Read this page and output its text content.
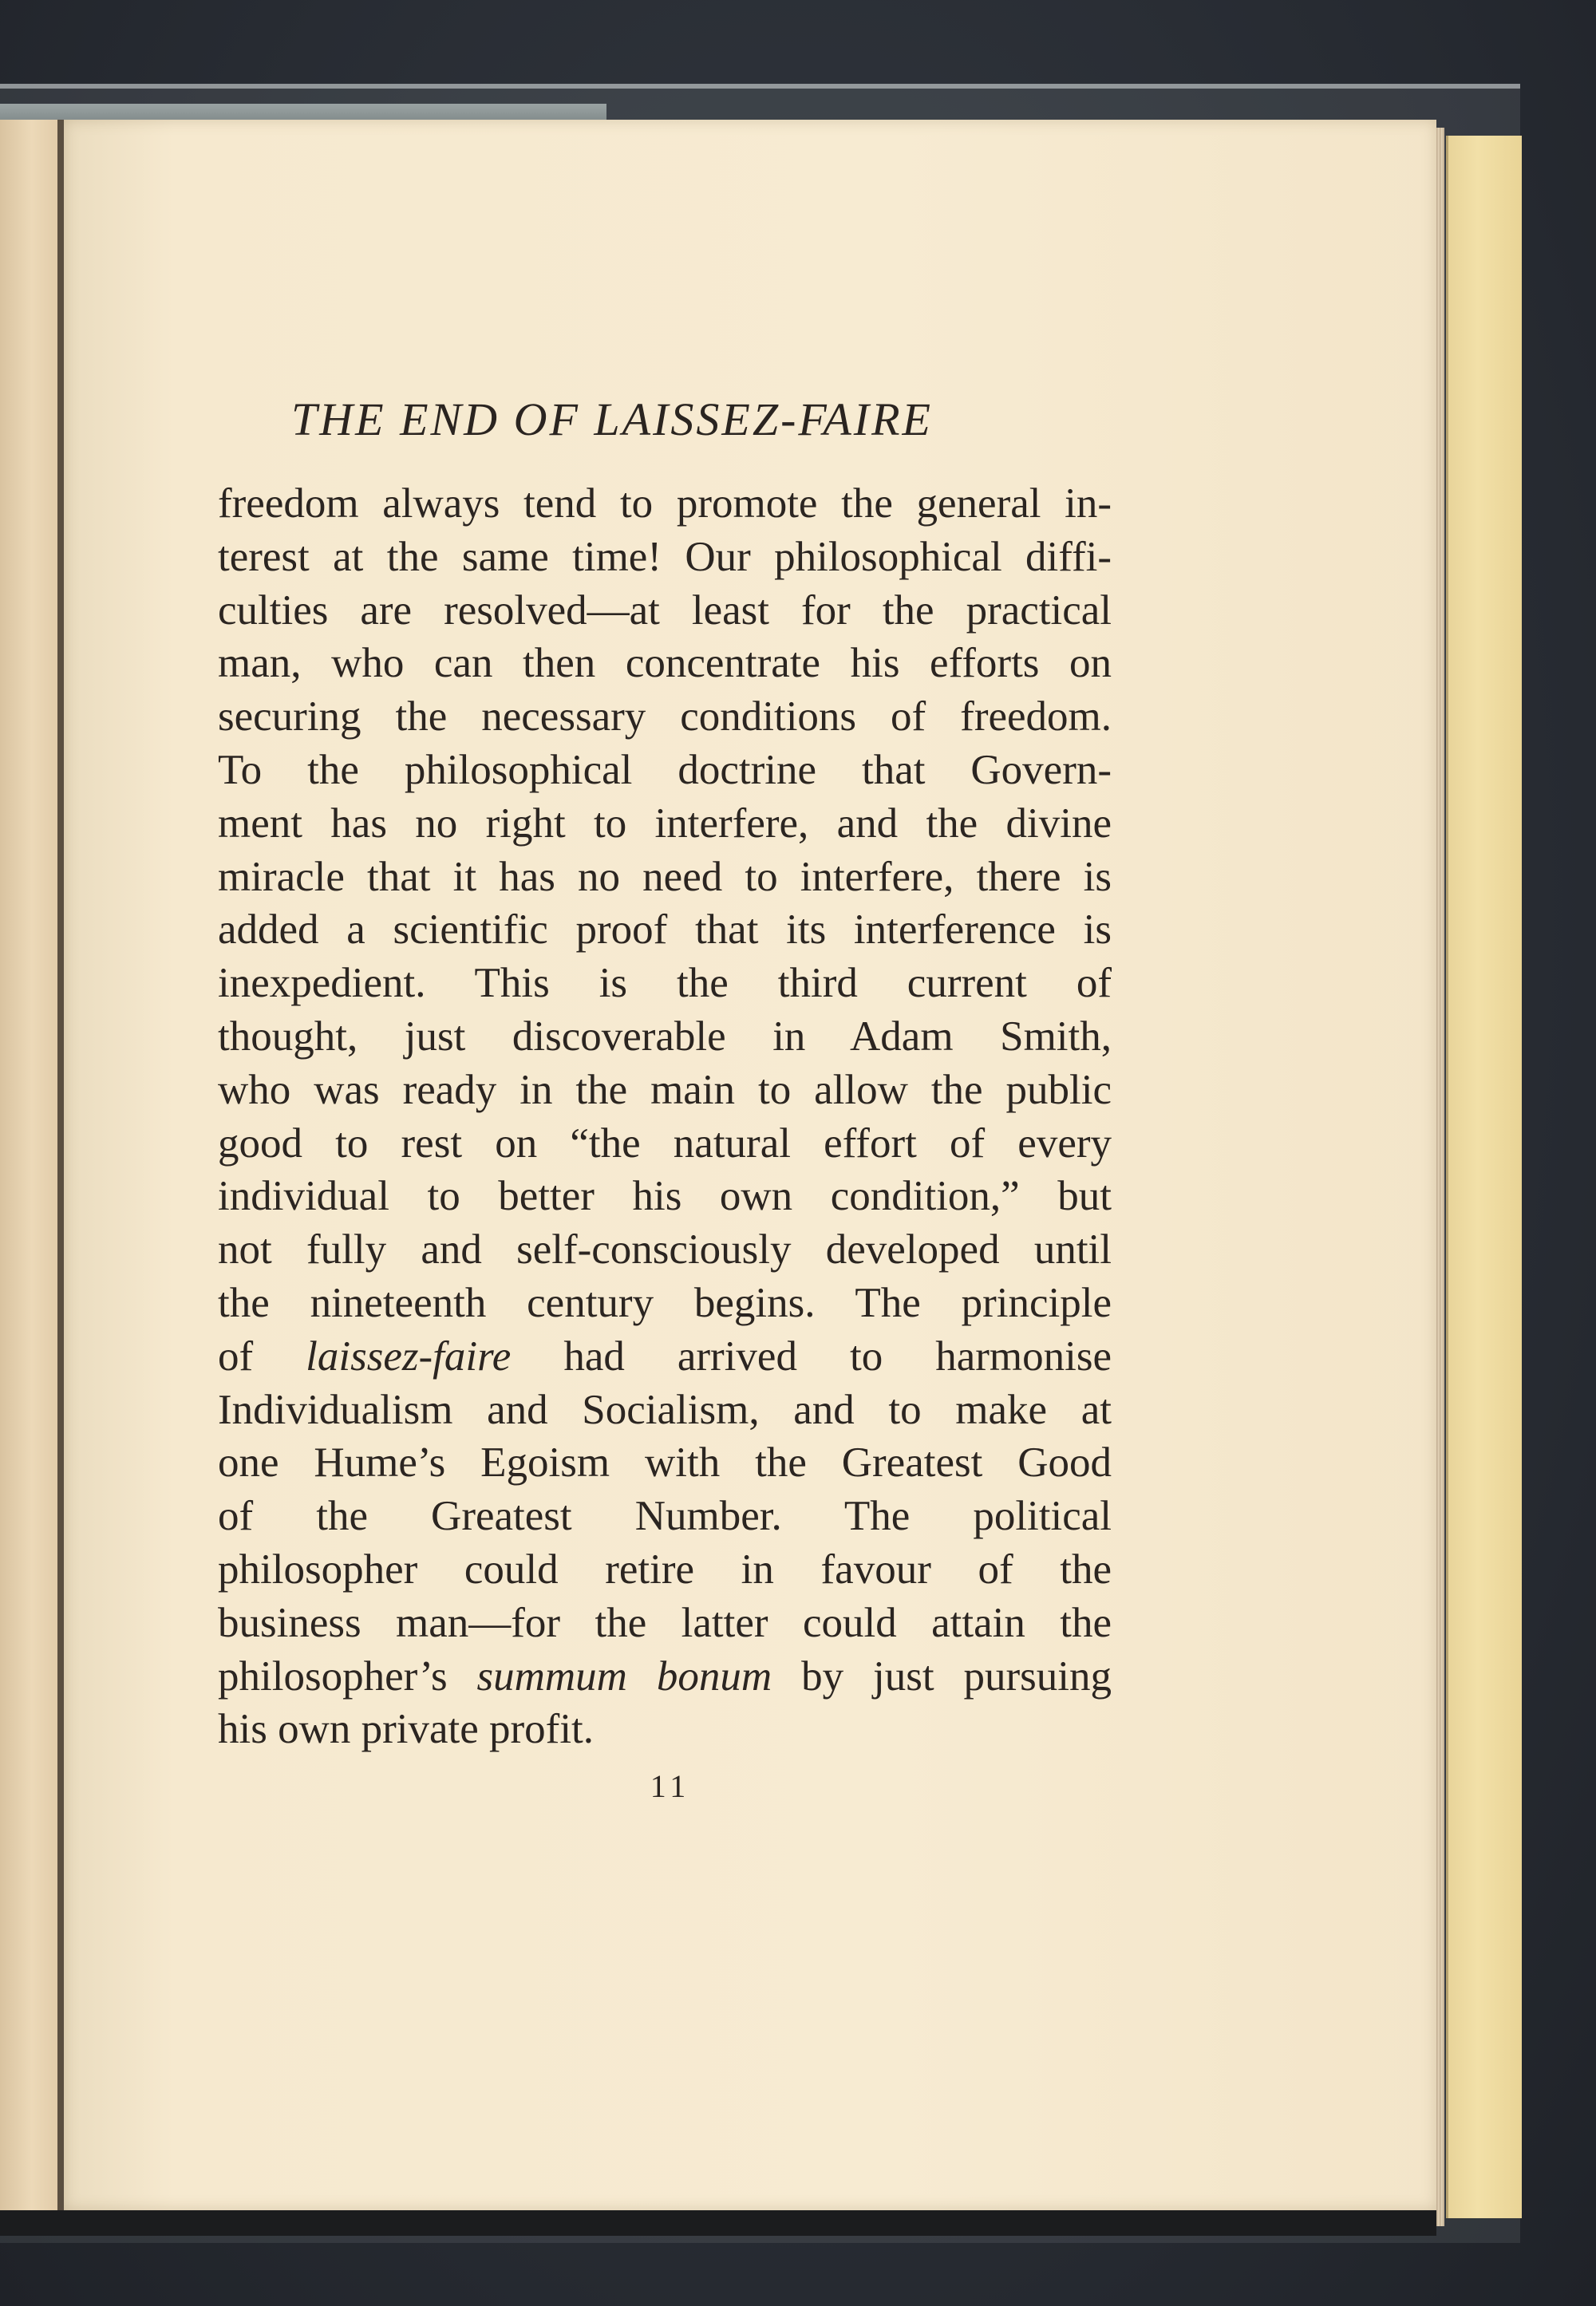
THE END OF LAISSEZ-FAIRE
freedom always tend to promote the general in-
terest at the same time! Our philosophical diffi-
culties are resolved—at least for the practical
man, who can then concentrate his efforts on
securing the necessary conditions of freedom.
To the philosophical doctrine that Govern-
ment has no right to interfere, and the divine
miracle that it has no need to interfere, there is
added a scientific proof that its interference is
inexpedient. This is the third current of
thought, just discoverable in Adam Smith,
who was ready in the main to allow the public
good to rest on “the natural effort of every
individual to better his own condition,” but
not fully and self-consciously developed until
the nineteenth century begins. The principle
of laissez-faire had arrived to harmonise
Individualism and Socialism, and to make at
one Hume’s Egoism with the Greatest Good
of the Greatest Number. The political
philosopher could retire in favour of the
business man—for the latter could attain the
philosopher’s summum bonum by just pursuing
his own private profit.
11
